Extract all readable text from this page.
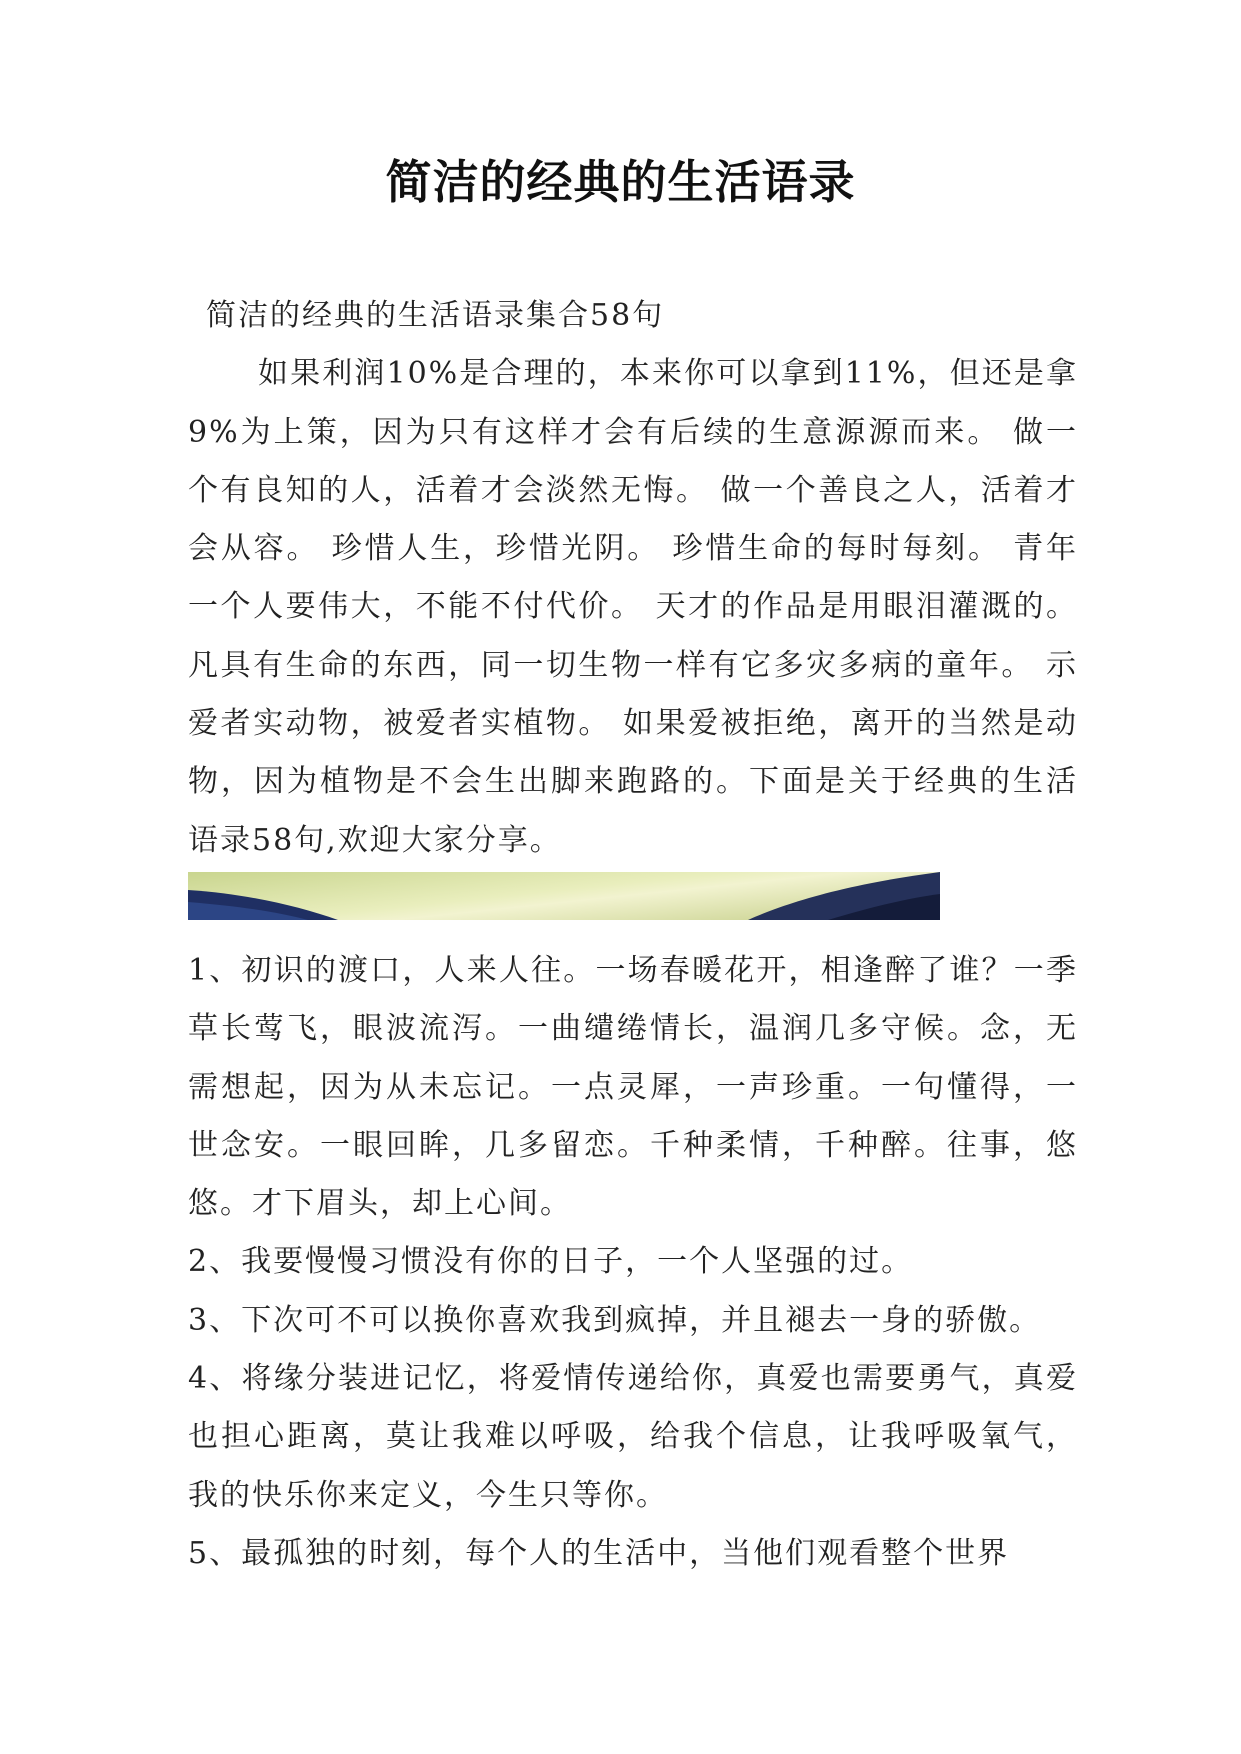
简洁的经典的生活语录

简洁的经典的生活语录集合58句

如果利润10%是合理的，本来你可以拿到11%，但还是拿9%为上策，因为只有这样才会有后续的生意源源而来。 做一个有良知的人，活着才会淡然无悔。 做一个善良之人，活着才会从容。 珍惜人生，珍惜光阴。 珍惜生命的每时每刻。 青年一个人要伟大，不能不付代价。 天才的作品是用眼泪灌溉的。 凡具有生命的东西，同一切生物一样有它多灾多病的童年。 示爱者实动物，被爱者实植物。 如果爱被拒绝，离开的当然是动物，因为植物是不会生出脚来跑路的。下面是关于经典的生活语录58句,欢迎大家分享。

1、初识的渡口，人来人往。一场春暖花开，相逢醉了谁？一季草长莺飞，眼波流泻。一曲缱绻情长，温润几多守候。念，无需想起，因为从未忘记。一点灵犀，一声珍重。一句懂得，一世念安。一眼回眸，几多留恋。千种柔情，千种醉。往事，悠悠。才下眉头，却上心间。

2、我要慢慢习惯没有你的日子，一个人坚强的过。

3、下次可不可以换你喜欢我到疯掉，并且褪去一身的骄傲。

4、将缘分装进记忆，将爱情传递给你，真爱也需要勇气，真爱也担心距离，莫让我难以呼吸，给我个信息，让我呼吸氧气，我的快乐你来定义，今生只等你。

5、最孤独的时刻，每个人的生活中，当他们观看整个世界
